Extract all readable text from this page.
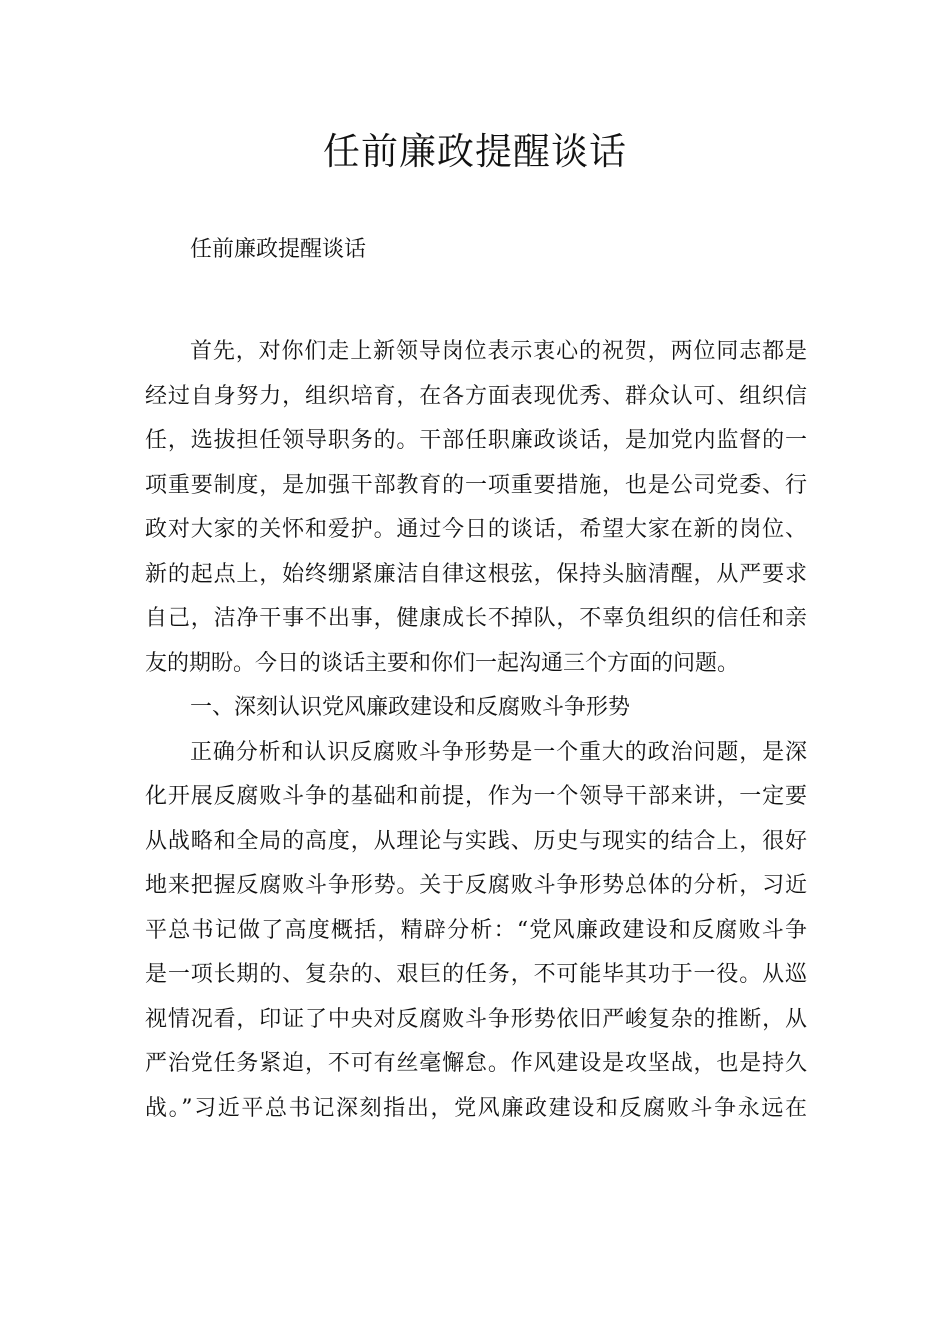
任前廉政提醒谈话

任前廉政提醒谈话

首先，对你们走上新领导岗位表示衷心的祝贺，两位同志都是
经过自身努力，组织培育，在各方面表现优秀、群众认可、组织信
任，选拔担任领导职务的。干部任职廉政谈话，是加党内监督的一
项重要制度，是加强干部教育的一项重要措施，也是公司党委、行
政对大家的关怀和爱护。通过今日的谈话，希望大家在新的岗位、
新的起点上，始终绷紧廉洁自律这根弦，保持头脑清醒，从严要求
自己，洁净干事不出事，健康成长不掉队，不辜负组织的信任和亲
友的期盼。今日的谈话主要和你们一起沟通三个方面的问题。
一、深刻认识党风廉政建设和反腐败斗争形势
正确分析和认识反腐败斗争形势是一个重大的政治问题，是深
化开展反腐败斗争的基础和前提，作为一个领导干部来讲，一定要
从战略和全局的高度，从理论与实践、历史与现实的结合上，很好
地来把握反腐败斗争形势。关于反腐败斗争形势总体的分析，习近
平总书记做了高度概括，精辟分析：“党风廉政建设和反腐败斗争
是一项长期的、复杂的、艰巨的任务，不可能毕其功于一役。从巡
视情况看，印证了中央对反腐败斗争形势依旧严峻复杂的推断，从
严治党任务紧迫，不可有丝毫懈怠。作风建设是攻坚战，也是持久
战。”习近平总书记深刻指出，党风廉政建设和反腐败斗争永远在
